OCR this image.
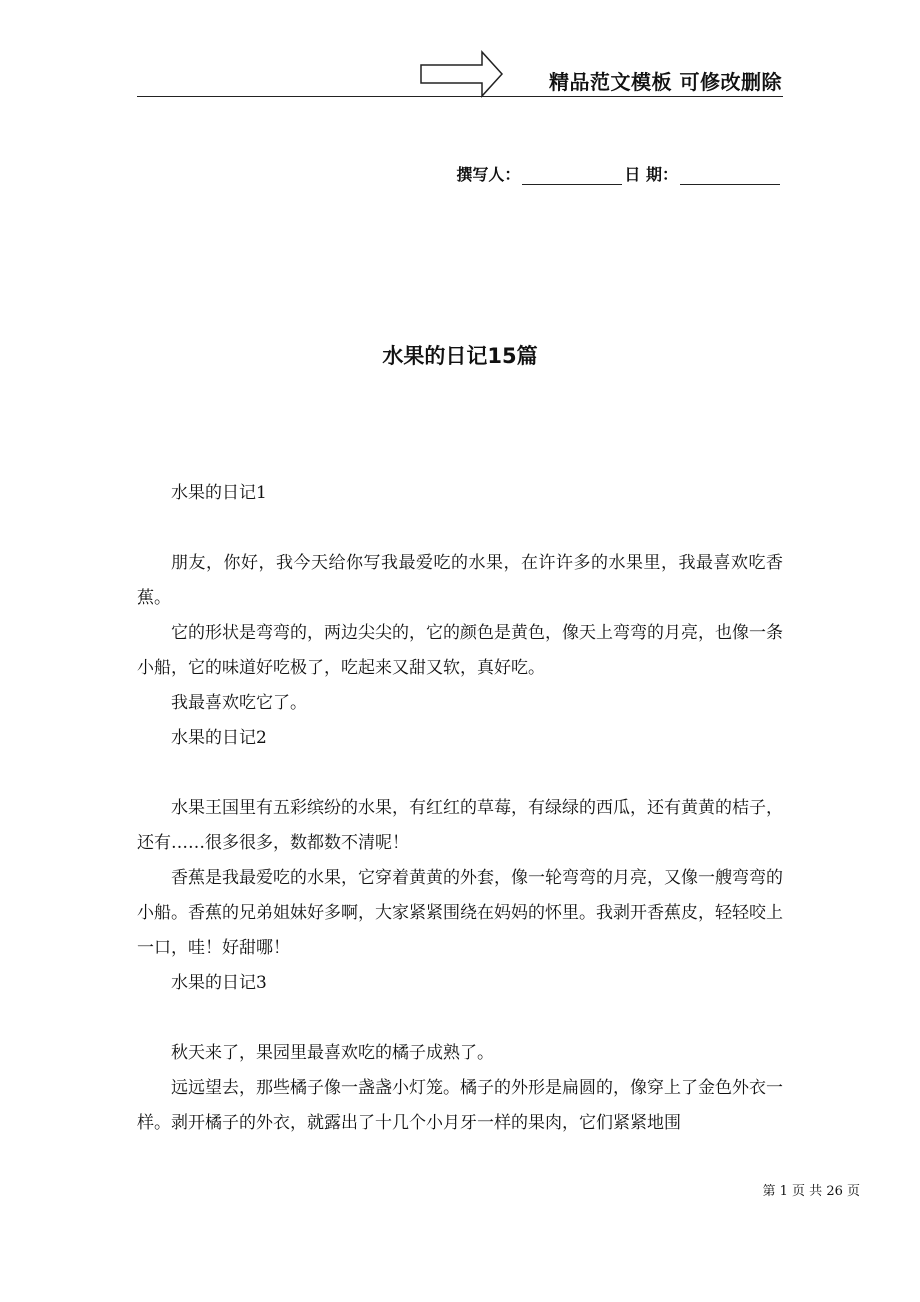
精品范文模板 可修改删除
撰写人：	日 期：
水果的日记15篇

水果的日记1

朋友，你好，我今天给你写我最爱吃的水果，在许许多的水果里，我最喜欢吃香蕉。

它的形状是弯弯的，两边尖尖的，它的颜色是黄色，像天上弯弯的月亮，也像一条小船，它的味道好吃极了，吃起来又甜又软，真好吃。

我最喜欢吃它了。

水果的日记2

水果王国里有五彩缤纷的水果，有红红的草莓，有绿绿的西瓜，还有黄黄的桔子，还有……很多很多，数都数不清呢！

香蕉是我最爱吃的水果，它穿着黄黄的外套，像一轮弯弯的月亮，又像一艘弯弯的小船。香蕉的兄弟姐妹好多啊，大家紧紧围绕在妈妈的怀里。我剥开香蕉皮，轻轻咬上一口，哇！好甜哪！

水果的日记3

秋天来了，果园里最喜欢吃的橘子成熟了。

远远望去，那些橘子像一盏盏小灯笼。橘子的外形是扁圆的，像穿上了金色外衣一样。剥开橘子的外衣，就露出了十几个小月牙一样的果肉，它们紧紧地围

第 1 页 共 26 页
